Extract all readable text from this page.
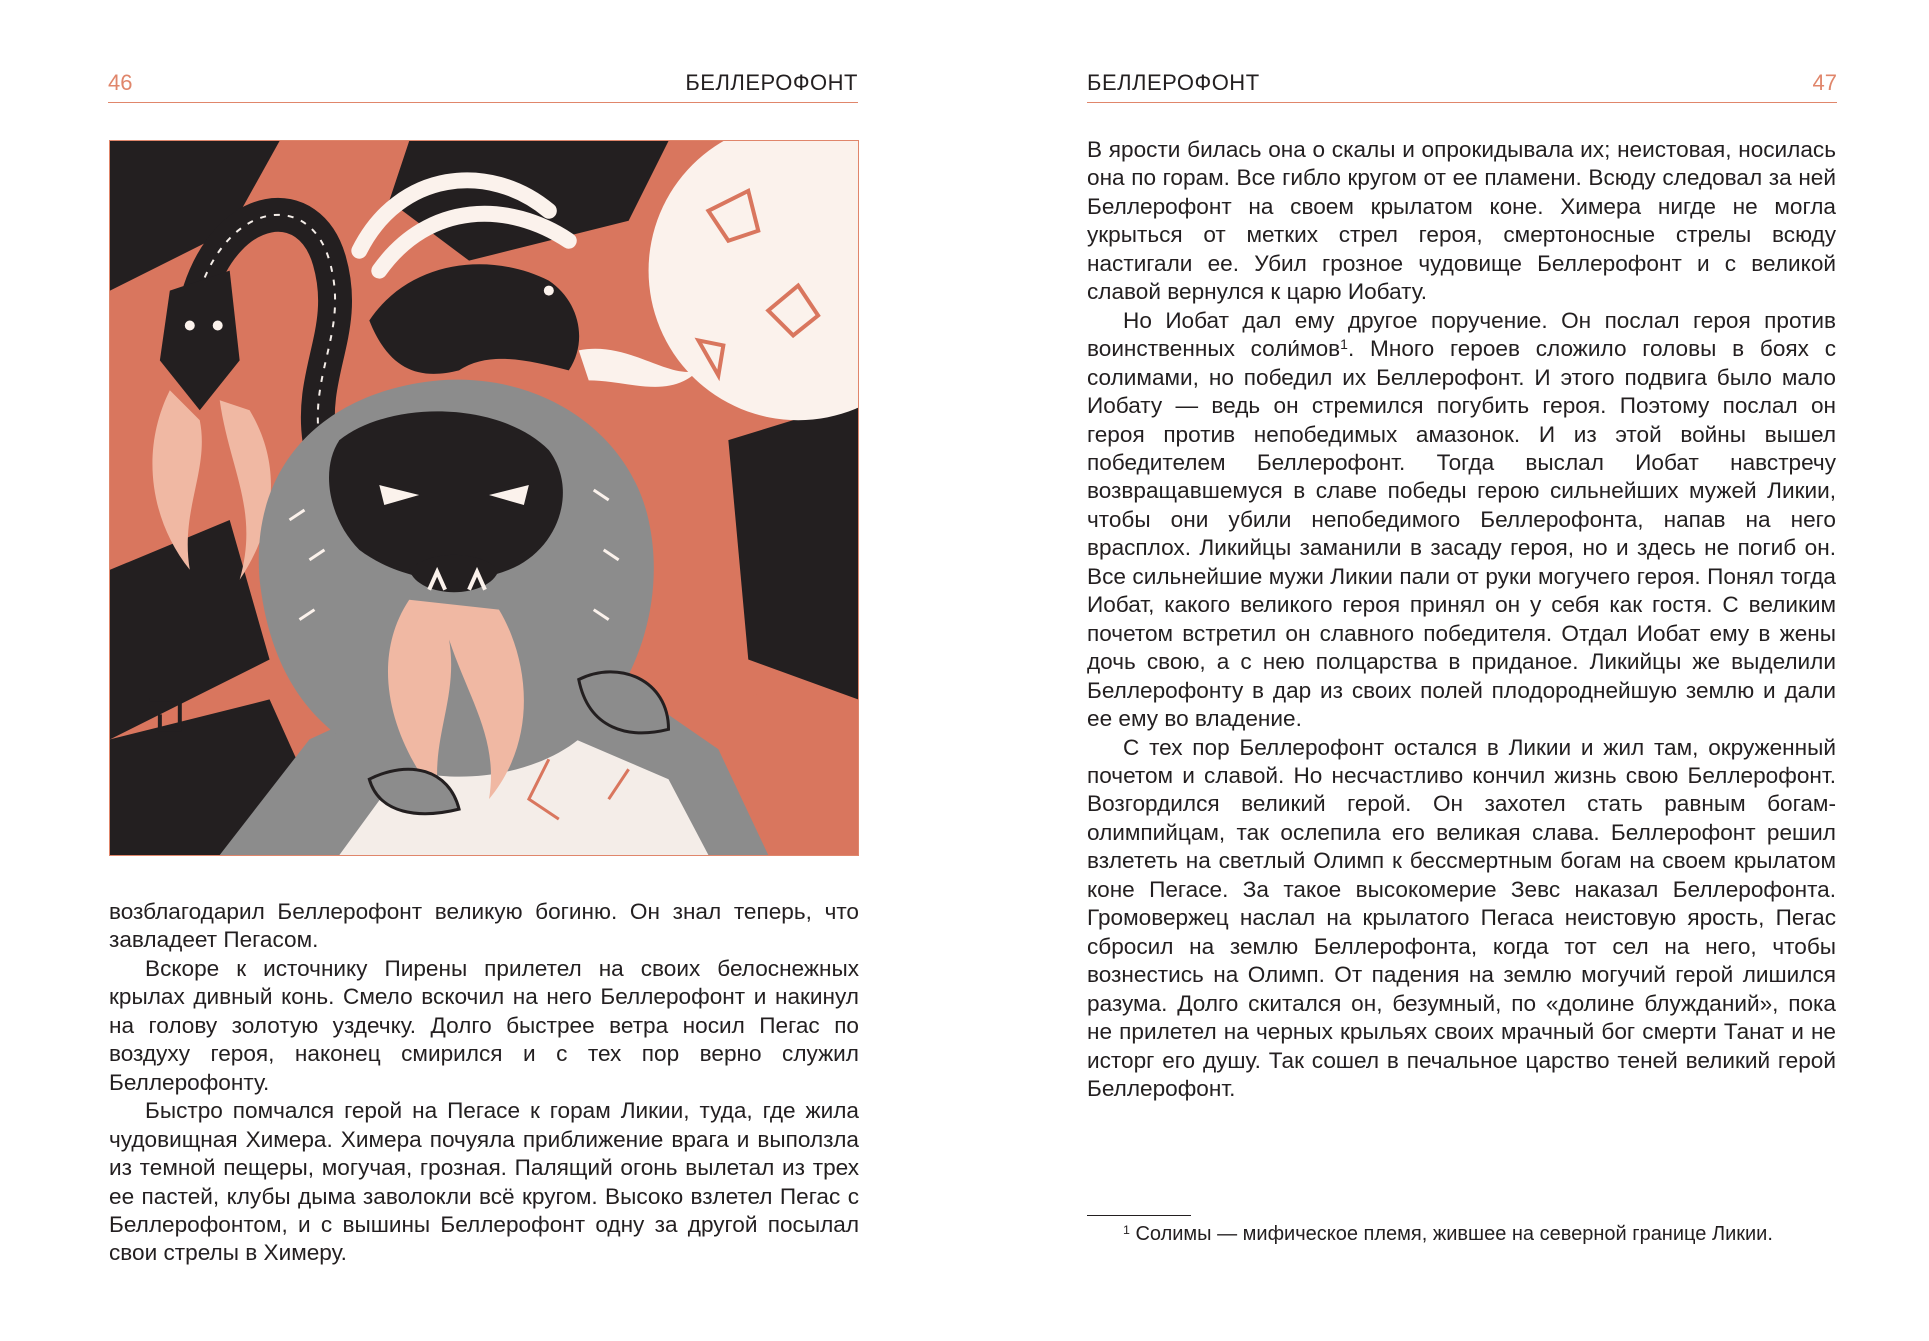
46	БЕЛЛЕРОФОНТ

возблагодарил Беллерофонт великую богиню. Он знал теперь, что завладеет Пегасом.

Вскоре к источнику Пирены прилетел на своих белоснежных крылах дивный конь. Смело вскочил на него Беллерофонт и накинул на голову золотую уздечку. Долго быстрее ветра носил Пегас по воздуху героя, наконец смирился и с тех пор верно служил Беллерофонту.

Быстро помчался герой на Пегасе к горам Ликии, туда, где жила чудовищная Химера. Химера почуяла приближение врага и выползла из темной пещеры, могучая, грозная. Палящий огонь вылетал из трех ее пастей, клубы дыма заволокли всё кругом. Высоко взлетел Пегас с Беллерофонтом, и с вышины Беллерофонт одну за другой посылал свои стрелы в Химеру.

БЕЛЛЕРОФОНТ	47

В ярости билась она о скалы и опрокидывала их; неистовая, носилась она по горам. Все гибло кругом от ее пламени. Всюду следовал за ней Беллерофонт на своем крылатом коне. Химера нигде не могла укрыться от метких стрел героя, смертоносные стрелы всюду настигали ее. Убил грозное чудовище Беллерофонт и с великой славой вернулся к царю Иобату.

Но Иобат дал ему другое поручение. Он послал героя против воинственных соли́мов$^1$. Много героев сложило головы в боях с солимами, но победил их Беллерофонт. И этого подвига было мало Иобату — ведь он стремился погубить героя. Поэтому послал он героя против непобедимых амазонок. И из этой войны вышел победителем Беллерофонт. Тогда выслал Иобат навстречу возвращавшемуся в славе победы герою сильнейших мужей Ликии, чтобы они убили непобедимого Беллерофонта, напав на него врасплох. Ликийцы заманили в засаду героя, но и здесь не погиб он. Все сильнейшие мужи Ликии пали от руки могучего героя. Понял тогда Иобат, какого великого героя принял он у себя как гостя. С великим почетом встретил он славного победителя. Отдал Иобат ему в жены дочь свою, а с нею полцарства в приданое. Ликийцы же выделили Беллерофонту в дар из своих полей плодороднейшую землю и дали ее ему во владение.

С тех пор Беллерофонт остался в Ликии и жил там, окруженный почетом и славой. Но несчастливо кончил жизнь свою Беллерофонт. Возгордился великий герой. Он захотел стать равным богам-олимпийцам, так ослепила его великая слава. Беллерофонт решил взлететь на светлый Олимп к бессмертным богам на своем крылатом коне Пегасе. За такое высокомерие Зевс наказал Беллерофонта. Громовержец наслал на крылатого Пегаса неистовую ярость, Пегас сбросил на землю Беллерофонта, когда тот сел на него, чтобы вознестись на Олимп. От падения на землю могучий герой лишился разума. Долго скитался он, безумный, по «долине блужданий», пока не прилетел на черных крыльях своих мрачный бог смерти Танат и не исторг его душу. Так сошел в печальное царство теней великий герой Беллерофонт.

$^1$ Солимы — мифическое племя, жившее на северной границе Ликии.
